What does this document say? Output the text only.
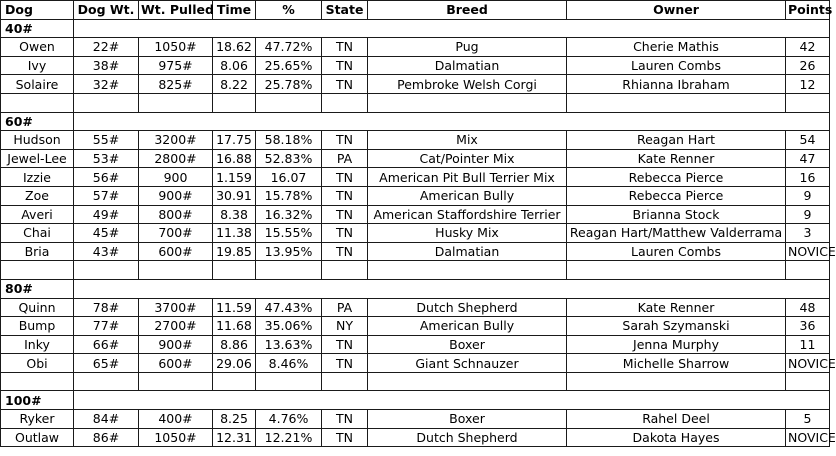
Dog	Dog Wt.	Wt. Pulled	Time	%	State	Breed	Owner	Points
40#								
Owen	22#	1050#	18.62	47.72%	TN	Pug	Cherie Mathis	42
Ivy	38#	975#	8.06	25.65%	TN	Dalmatian	Lauren Combs	26
Solaire	32#	825#	8.22	25.78%	TN	Pembroke Welsh Corgi	Rhianna Ibraham	12

60#								
Hudson	55#	3200#	17.75	58.18%	TN	Mix	Reagan Hart	54
Jewel-Lee	53#	2800#	16.88	52.83%	PA	Cat/Pointer Mix	Kate Renner	47
Izzie	56#	900	1.159	16.07	TN	American Pit Bull Terrier Mix	Rebecca Pierce	16
Zoe	57#	900#	30.91	15.78%	TN	American Bully	Rebecca Pierce	9
Averi	49#	800#	8.38	16.32%	TN	American Staffordshire Terrier	Brianna Stock	9
Chai	45#	700#	11.38	15.55%	TN	Husky Mix	Reagan Hart/Matthew Valderrama	3
Bria	43#	600#	19.85	13.95%	TN	Dalmatian	Lauren Combs	NOVICE

80#								
Quinn	78#	3700#	11.59	47.43%	PA	Dutch Shepherd	Kate Renner	48
Bump	77#	2700#	11.68	35.06%	NY	American Bully	Sarah Szymanski	36
Inky	66#	900#	8.86	13.63%	TN	Boxer	Jenna Murphy	11
Obi	65#	600#	29.06	8.46%	TN	Giant Schnauzer	Michelle Sharrow	NOVICE

100#								
Ryker	84#	400#	8.25	4.76%	TN	Boxer	Rahel Deel	5
Outlaw	86#	1050#	12.31	12.21%	TN	Dutch Shepherd	Dakota Hayes	NOVICE
